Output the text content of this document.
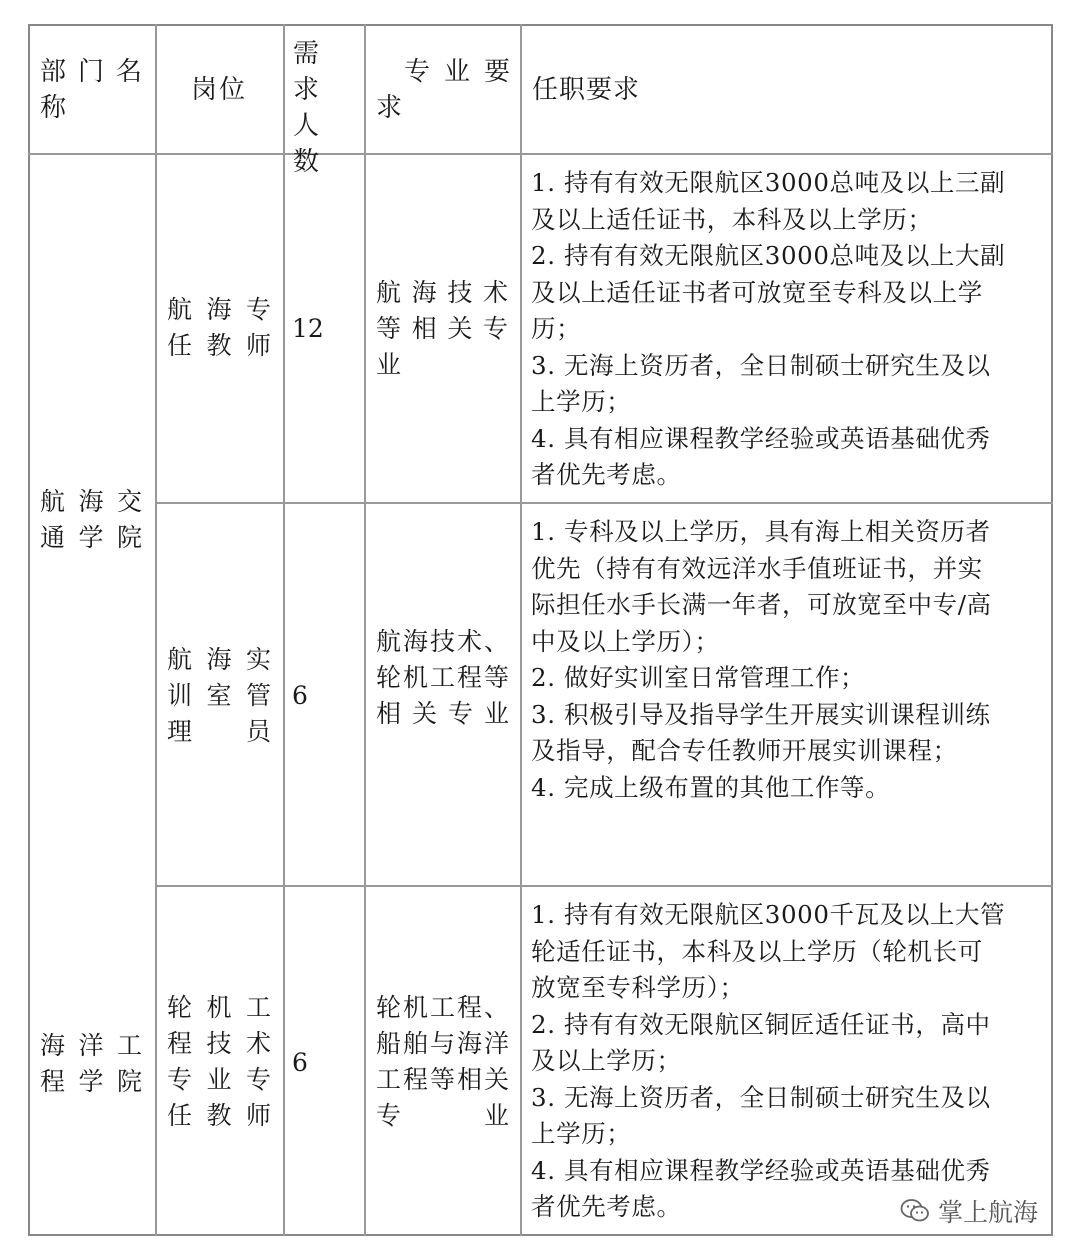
部门名称
岗位
需求人数
专业要求
任职要求
航海交通学院
海洋工程学院
航海专任教师
12
航海技术等相关专业
1. 持有有效无限航区3000总吨及以上三副
及以上适任证书，本科及以上学历；
2. 持有有效无限航区3000总吨及以上大副
及以上适任证书者可放宽至专科及以上学
历；
3. 无海上资历者，全日制硕士研究生及以
上学历；
4. 具有相应课程教学经验或英语基础优秀
者优先考虑。
航海实训室管理员
6
航海技术、轮机工程等相关专业
1. 专科及以上学历，具有海上相关资历者
优先（持有有效远洋水手值班证书，并实
际担任水手长满一年者，可放宽至中专/高
中及以上学历）；
2. 做好实训室日常管理工作；
3. 积极引导及指导学生开展实训课程训练
及指导，配合专任教师开展实训课程；
4. 完成上级布置的其他工作等。
轮机工程技术专业专任教师
6
轮机工程、船舶与海洋工程等相关专业
1. 持有有效无限航区3000千瓦及以上大管
轮适任证书，本科及以上学历（轮机长可
放宽至专科学历）；
2. 持有有效无限航区铜匠适任证书，高中
及以上学历；
3. 无海上资历者，全日制硕士研究生及以
上学历；
4. 具有相应课程教学经验或英语基础优秀
者优先考虑。	掌上航海
